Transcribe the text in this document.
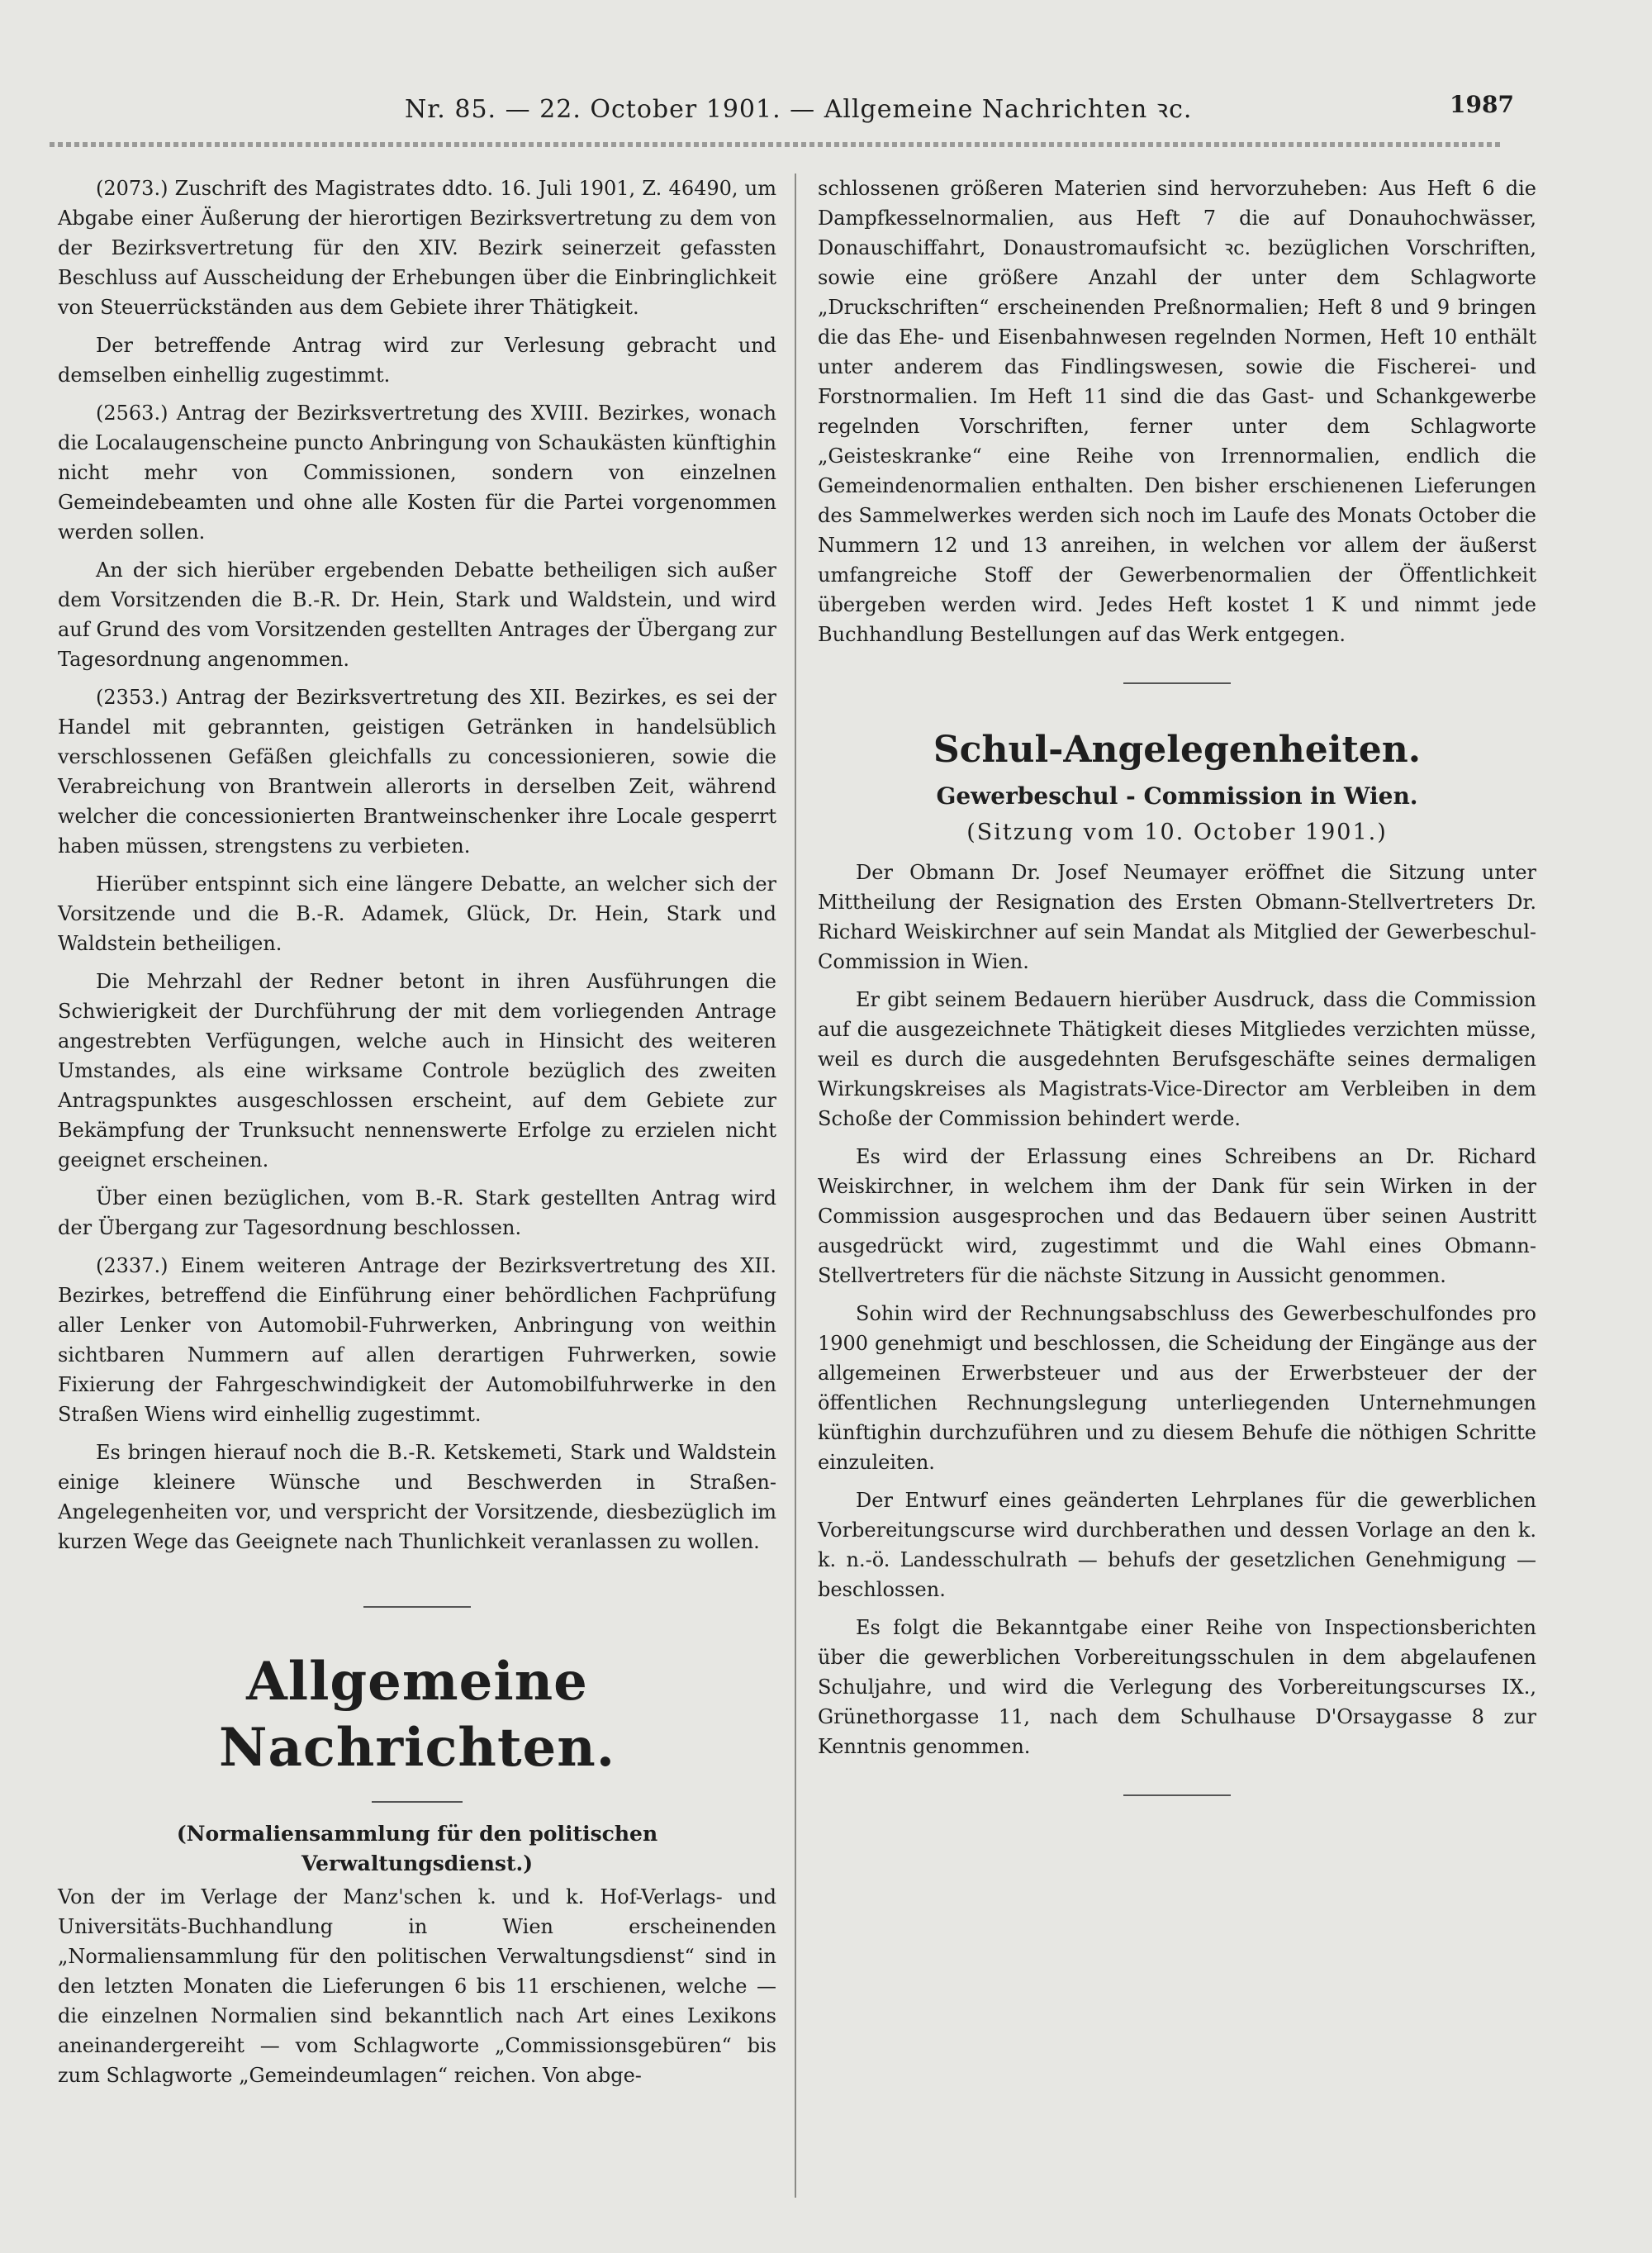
Nr. 85. — 22. October 1901. — Allgemeine Nachrichten ꝛc.	1987

(2073.) Zuschrift des Magistrates ddto. 16. Juli 1901, Z. 46490, um Abgabe einer Äußerung der hierortigen Bezirksvertretung zu dem von der Bezirksvertretung für den XIV. Bezirk seinerzeit gefassten Beschluss auf Ausscheidung der Erhebungen über die Einbringlichkeit von Steuerrückständen aus dem Gebiete ihrer Thätigkeit.

Der betreffende Antrag wird zur Verlesung gebracht und demselben einhellig zugestimmt.

(2563.) Antrag der Bezirksvertretung des XVIII. Bezirkes, wonach die Localaugenscheine puncto Anbringung von Schaukästen künftighin nicht mehr von Commissionen, sondern von einzelnen Gemeindebeamten und ohne alle Kosten für die Partei vorgenommen werden sollen.

An der sich hierüber ergebenden Debatte betheiligen sich außer dem Vorsitzenden die B.-R. Dr. Hein, Stark und Waldstein, und wird auf Grund des vom Vorsitzenden gestellten Antrages der Übergang zur Tagesordnung angenommen.

(2353.) Antrag der Bezirksvertretung des XII. Bezirkes, es sei der Handel mit gebrannten, geistigen Getränken in handelsüblich verschlossenen Gefäßen gleichfalls zu concessionieren, sowie die Verabreichung von Brantwein allerorts in derselben Zeit, während welcher die concessionierten Brantweinschenker ihre Locale gesperrt haben müssen, strengstens zu verbieten.

Hierüber entspinnt sich eine längere Debatte, an welcher sich der Vorsitzende und die B.-R. Adamek, Glück, Dr. Hein, Stark und Waldstein betheiligen.

Die Mehrzahl der Redner betont in ihren Ausführungen die Schwierigkeit der Durchführung der mit dem vorliegenden Antrage angestrebten Verfügungen, welche auch in Hinsicht des weiteren Umstandes, als eine wirksame Controle bezüglich des zweiten Antragspunktes ausgeschlossen erscheint, auf dem Gebiete zur Bekämpfung der Trunksucht nennenswerte Erfolge zu erzielen nicht geeignet erscheinen.

Über einen bezüglichen, vom B.-R. Stark gestellten Antrag wird der Übergang zur Tagesordnung beschlossen.

(2337.) Einem weiteren Antrage der Bezirksvertretung des XII. Bezirkes, betreffend die Einführung einer behördlichen Fachprüfung aller Lenker von Automobil-Fuhrwerken, Anbringung von weithin sichtbaren Nummern auf allen derartigen Fuhrwerken, sowie Fixierung der Fahrgeschwindigkeit der Automobilfuhrwerke in den Straßen Wiens wird einhellig zugestimmt.

Es bringen hierauf noch die B.-R. Ketskemeti, Stark und Waldstein einige kleinere Wünsche und Beschwerden in Straßen-Angelegenheiten vor, und verspricht der Vorsitzende, diesbezüglich im kurzen Wege das Geeignete nach Thunlichkeit veranlassen zu wollen.

Allgemeine Nachrichten.
(Normaliensammlung für den politischen Verwaltungsdienst.)

Von der im Verlage der Manz'schen k. und k. Hof-Verlags- und Universitäts-Buchhandlung in Wien erscheinenden „Normaliensammlung für den politischen Verwaltungsdienst“ sind in den letzten Monaten die Lieferungen 6 bis 11 erschienen, welche — die einzelnen Normalien sind bekanntlich nach Art eines Lexikons aneinandergereiht — vom Schlagworte „Commissionsgebüren“ bis zum Schlagworte „Gemeindeumlagen“ reichen. Von abge-

schlossenen größeren Materien sind hervorzuheben: Aus Heft 6 die Dampfkesselnormalien, aus Heft 7 die auf Donauhochwässer, Donauschiffahrt, Donaustromaufsicht ꝛc. bezüglichen Vorschriften, sowie eine größere Anzahl der unter dem Schlagworte „Druckschriften“ erscheinenden Preßnormalien; Heft 8 und 9 bringen die das Ehe- und Eisenbahnwesen regelnden Normen, Heft 10 enthält unter anderem das Findlingswesen, sowie die Fischerei- und Forstnormalien. Im Heft 11 sind die das Gast- und Schankgewerbe regelnden Vorschriften, ferner unter dem Schlagworte „Geisteskranke“ eine Reihe von Irrennormalien, endlich die Gemeindenormalien enthalten. Den bisher erschienenen Lieferungen des Sammelwerkes werden sich noch im Laufe des Monats October die Nummern 12 und 13 anreihen, in welchen vor allem der äußerst umfangreiche Stoff der Gewerbenormalien der Öffentlichkeit übergeben werden wird. Jedes Heft kostet 1 K und nimmt jede Buchhandlung Bestellungen auf das Werk entgegen.

Schul-Angelegenheiten.
Gewerbeschul - Commission in Wien.
(Sitzung vom 10. October 1901.)

Der Obmann Dr. Josef Neumayer eröffnet die Sitzung unter Mittheilung der Resignation des Ersten Obmann-Stellvertreters Dr. Richard Weiskirchner auf sein Mandat als Mitglied der Gewerbeschul-Commission in Wien.

Er gibt seinem Bedauern hierüber Ausdruck, dass die Commission auf die ausgezeichnete Thätigkeit dieses Mitgliedes verzichten müsse, weil es durch die ausgedehnten Berufsgeschäfte seines dermaligen Wirkungskreises als Magistrats-Vice-Director am Verbleiben in dem Schoße der Commission behindert werde.

Es wird der Erlassung eines Schreibens an Dr. Richard Weiskirchner, in welchem ihm der Dank für sein Wirken in der Commission ausgesprochen und das Bedauern über seinen Austritt ausgedrückt wird, zugestimmt und die Wahl eines Obmann-Stellvertreters für die nächste Sitzung in Aussicht genommen.

Sohin wird der Rechnungsabschluss des Gewerbeschulfondes pro 1900 genehmigt und beschlossen, die Scheidung der Eingänge aus der allgemeinen Erwerbsteuer und aus der Erwerbsteuer der der öffentlichen Rechnungslegung unterliegenden Unternehmungen künftighin durchzuführen und zu diesem Behufe die nöthigen Schritte einzuleiten.

Der Entwurf eines geänderten Lehrplanes für die gewerblichen Vorbereitungscurse wird durchberathen und dessen Vorlage an den k. k. n.-ö. Landesschulrath — behufs der gesetzlichen Genehmigung — beschlossen.

Es folgt die Bekanntgabe einer Reihe von Inspectionsberichten über die gewerblichen Vorbereitungsschulen in dem abgelaufenen Schuljahre, und wird die Verlegung des Vorbereitungscurses IX., Grünethorgasse 11, nach dem Schulhause D'Orsaygasse 8 zur Kenntnis genommen.
